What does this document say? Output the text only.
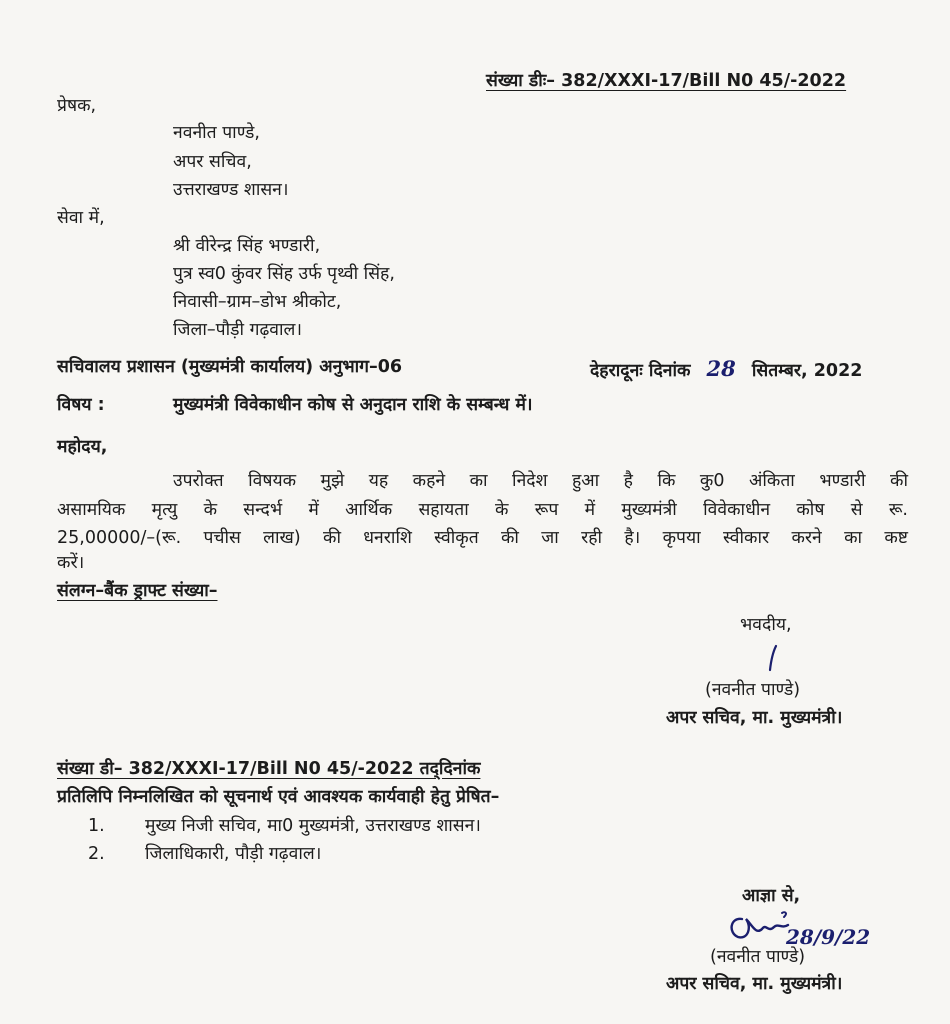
संख्या डीः– 382/XXXI-17/Bill N0 45/-2022
प्रेषक,
नवनीत पाण्डे,
अपर सचिव,
उत्तराखण्ड शासन।
सेवा में,
श्री वीरेन्द्र सिंह भण्डारी,
पुत्र स्व0 कुंवर सिंह उर्फ पृथ्वी सिंह,
निवासी–ग्राम–डोभ श्रीकोट,
जिला–पौड़ी गढ़वाल।
सचिवालय प्रशासन (मुख्यमंत्री कार्यालय) अनुभाग–06	देहरादूनः दिनांक 28 सितम्बर, 2022
विषय :	मुख्यमंत्री विवेकाधीन कोष से अनुदान राशि के सम्बन्ध में।
महोदय,
उपरोक्त विषयक मुझे यह कहने का निदेश हुआ है कि कु0 अंकिता भण्डारी की
असामयिक मृत्यु के सन्दर्भ में आर्थिक सहायता के रूप में मुख्यमंत्री विवेकाधीन कोष से रू.
25,00000/–(रू. पचीस लाख) की धनराशि स्वीकृत की जा रही है। कृपया स्वीकार करने का कष्ट
करें।
संलग्न–बैंक ड्राफ्ट संख्या–
भवदीय,
(नवनीत पाण्डे)
अपर सचिव, मा. मुख्यमंत्री।
संख्या डी– 382/XXXI-17/Bill N0 45/-2022 तद्‌दिनांक
प्रतिलिपि निम्नलिखित को सूचनार्थ एवं आवश्यक कार्यवाही हेतु प्रेषित–
1. मुख्य निजी सचिव, मा0 मुख्यमंत्री, उत्तराखण्ड शासन।
2. जिलाधिकारी, पौड़ी गढ़वाल।
आज्ञा से,
28/9/22
(नवनीत पाण्डे)
अपर सचिव, मा. मुख्यमंत्री।
